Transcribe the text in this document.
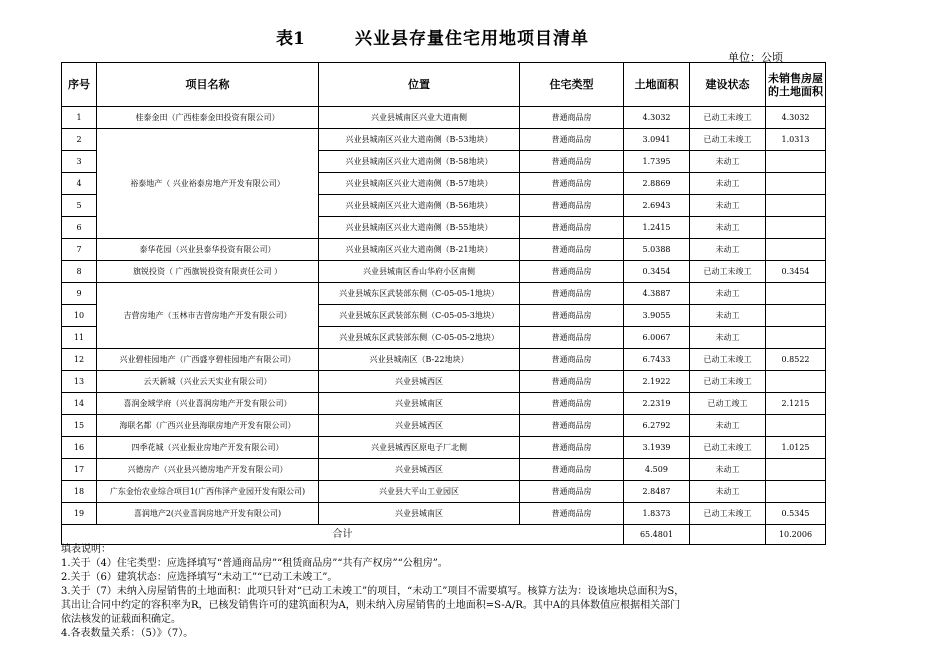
表1	兴业县存量住宅用地项目清单
单位：公顷
序号	项目名称	位置	住宅类型	土地面积	建设状态	未销售房屋的土地面积
1	桂泰金田（广西桂泰金田投资有限公司）	兴业县城南区兴业大道南侧	普通商品房	4.3032	已动工未竣工	4.3032
2	裕泰地产（ 兴业裕泰房地产开发有限公司）	兴业县城南区兴业大道南侧（B-53地块）	普通商品房	3.0941	已动工未竣工	1.0313
3		兴业县城南区兴业大道南侧（B-58地块）	普通商品房	1.7395	未动工	
4		兴业县城南区兴业大道南侧（B-57地块）	普通商品房	2.8869	未动工	
5		兴业县城南区兴业大道南侧（B-56地块）	普通商品房	2.6943	未动工	
6		兴业县城南区兴业大道南侧（B-55地块）	普通商品房	1.2415	未动工	
7	泰华花园（兴业县泰华投资有限公司）	兴业县城南区兴业大道南侧（B-21地块）	普通商品房	5.0388	未动工	
8	旗锐投资（ 广西旗锐投资有限责任公司 ）	兴业县城南区香山华府小区南侧	普通商品房	0.3454	已动工未竣工	0.3454
9	吉营房地产（玉林市吉营房地产开发有限公司）	兴业县城东区武装部东侧（C-05-05-1地块）	普通商品房	4.3887	未动工	
10		兴业县城东区武装部东侧（C-05-05-3地块）	普通商品房	3.9055	未动工	
11		兴业县城东区武装部东侧（C-05-05-2地块）	普通商品房	6.0067	未动工	
12	兴业碧桂园地产（广西盛亨碧桂园地产有限公司）	兴业县城南区（B-22地块）	普通商品房	6.7433	已动工未竣工	0.8522
13	云天新城（兴业云天实业有限公司）	兴业县城西区	普通商品房	2.1922	已动工未竣工	
14	喜润金域学府（兴业喜润房地产开发有限公司）	兴业县城南区	普通商品房	2.2319	已动工竣工	2.1215
15	海联名都（广西兴业县海联房地产开发有限公司）	兴业县城西区	普通商品房	6.2792	未动工	
16	四季花城（兴业振业房地产开发有限公司）	兴业县城西区原电子厂北侧	普通商品房	3.1939	已动工未竣工	1.0125
17	兴德房产（兴业县兴德房地产开发有限公司）	兴业县城西区	普通商品房	4.509	未动工	
18	广东金怡农业综合项目1(广西伟泽产业园开发有限公司)	兴业县大平山工业园区	普通商品房	2.8487	未动工	
19	喜润地产2(兴业喜润房地产开发有限公司)	兴业县城南区	普通商品房	1.8373	已动工未竣工	0.5345
合计				65.4801		10.2006
填表说明：
1.关于（4）住宅类型：应选择填写“普通商品房”“租赁商品房”“共有产权房”“公租房”。
2.关于（6）建筑状态：应选择填写“未动工”“已动工未竣工”。
3.关于（7）未纳入房屋销售的土地面积：此项只针对“已动工未竣工”的项目，“未动工”项目不需要填写。核算方法为：设该地块总面积为S，
其出让合同中约定的容积率为R，已核发销售许可的建筑面积为A，则未纳入房屋销售的土地面积=S-A/R。其中A的具体数值应根据相关部门
依法核发的证载面积确定。
4.各表数量关系：（5）》（7）。
